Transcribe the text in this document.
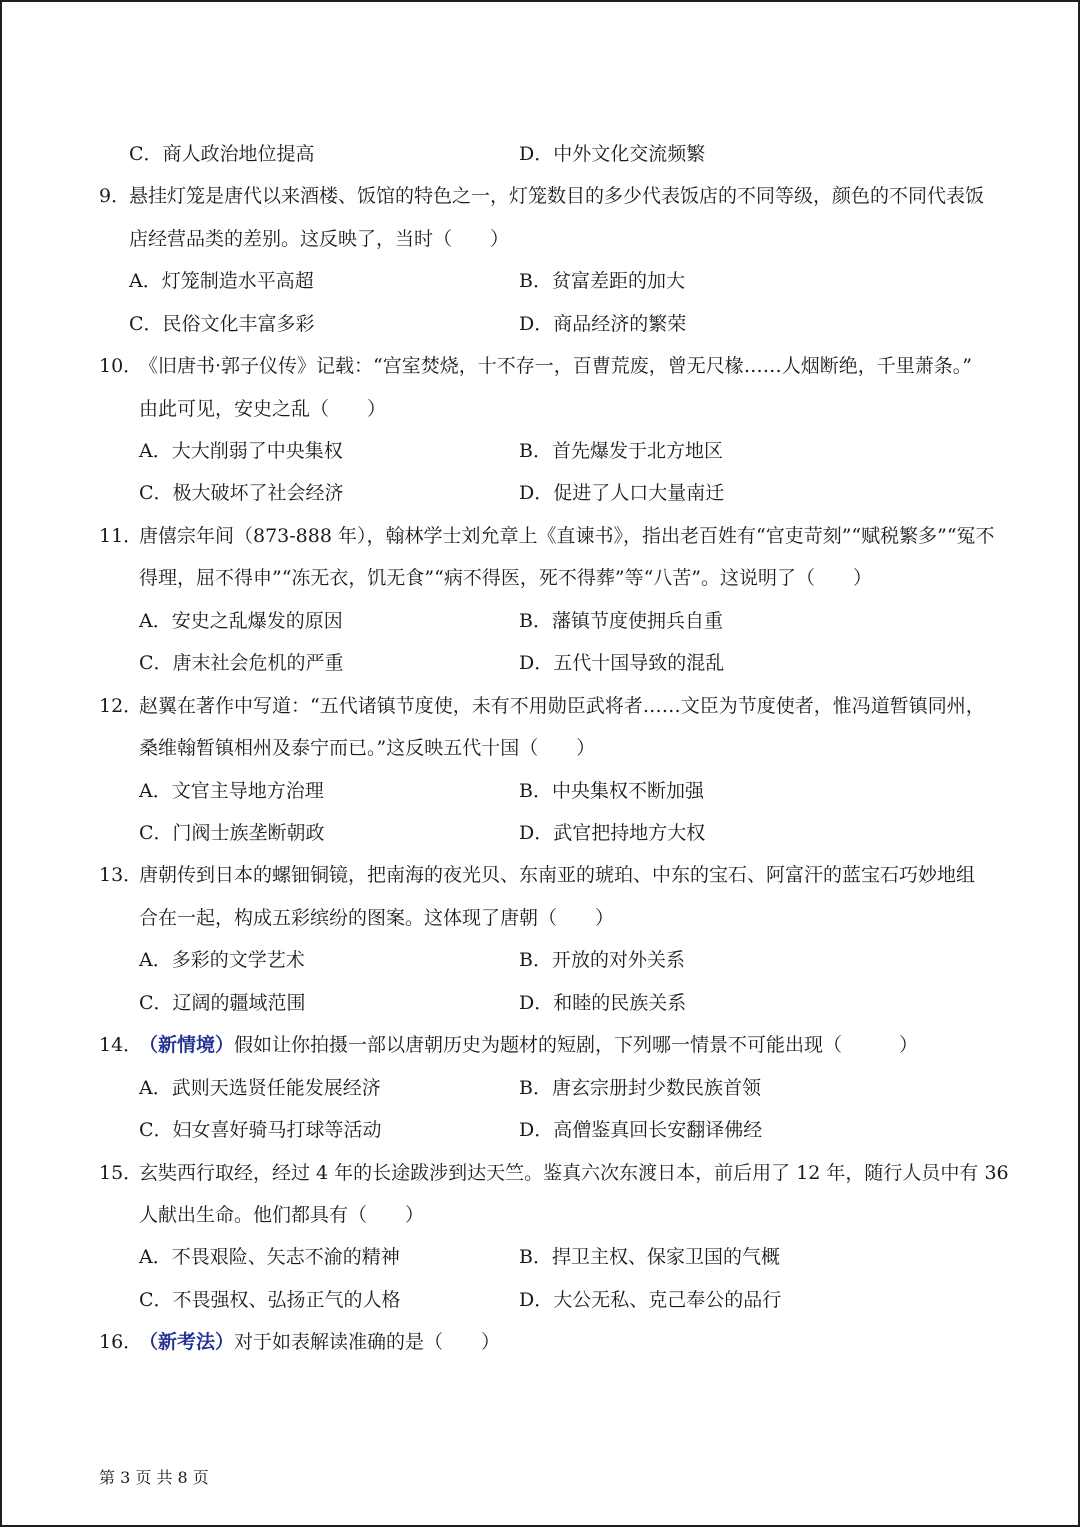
C．商人政治地位提高	D．中外文化交流频繁
9．
悬挂灯笼是唐代以来酒楼、饭馆的特色之一，灯笼数目的多少代表饭店的不同等级，颜色的不同代表饭
店经营品类的差别。这反映了，当时（　　）
A．灯笼制造水平高超	B．贫富差距的加大
C．民俗文化丰富多彩	D．商品经济的繁荣
10．
《旧唐书·郭子仪传》记载：“宫室焚烧，十不存一，百曹荒废，曾无尺椽……人烟断绝，千里萧条。”
由此可见，安史之乱（　　）
A．大大削弱了中央集权	B．首先爆发于北方地区
C．极大破坏了社会经济	D．促进了人口大量南迁
11．
唐僖宗年间（873-888 年），翰林学士刘允章上《直谏书》，指出老百姓有“官吏苛刻”“赋税繁多”“冤不
得理，屈不得申”“冻无衣，饥无食”“病不得医，死不得葬”等“八苦”。这说明了（　　）
A．安史之乱爆发的原因	B．藩镇节度使拥兵自重
C．唐末社会危机的严重	D．五代十国导致的混乱
12．
赵翼在著作中写道：“五代诸镇节度使，未有不用勋臣武将者……文臣为节度使者，惟冯道暂镇同州，
桑维翰暂镇相州及泰宁而已。”这反映五代十国（　　）
A．文官主导地方治理	B．中央集权不断加强
C．门阀士族垄断朝政	D．武官把持地方大权
13．
唐朝传到日本的螺钿铜镜，把南海的夜光贝、东南亚的琥珀、中东的宝石、阿富汗的蓝宝石巧妙地组
合在一起，构成五彩缤纷的图案。这体现了唐朝（　　）
A．多彩的文学艺术	B．开放的对外关系
C．辽阔的疆域范围	D．和睦的民族关系
14．
（新情境）假如让你拍摄一部以唐朝历史为题材的短剧，下列哪一情景不可能出现（　　　）
A．武则天选贤任能发展经济	B．唐玄宗册封少数民族首领
C．妇女喜好骑马打球等活动	D．高僧鉴真回长安翻译佛经
15．
玄奘西行取经，经过 4 年的长途跋涉到达天竺。鉴真六次东渡日本，前后用了 12 年，随行人员中有 36
人献出生命。他们都具有（　　）
A．不畏艰险、矢志不渝的精神	B．捍卫主权、保家卫国的气概
C．不畏强权、弘扬正气的人格	D．大公无私、克己奉公的品行
16．
（新考法）对于如表解读准确的是（　　）
第 3 页 共 8 页
